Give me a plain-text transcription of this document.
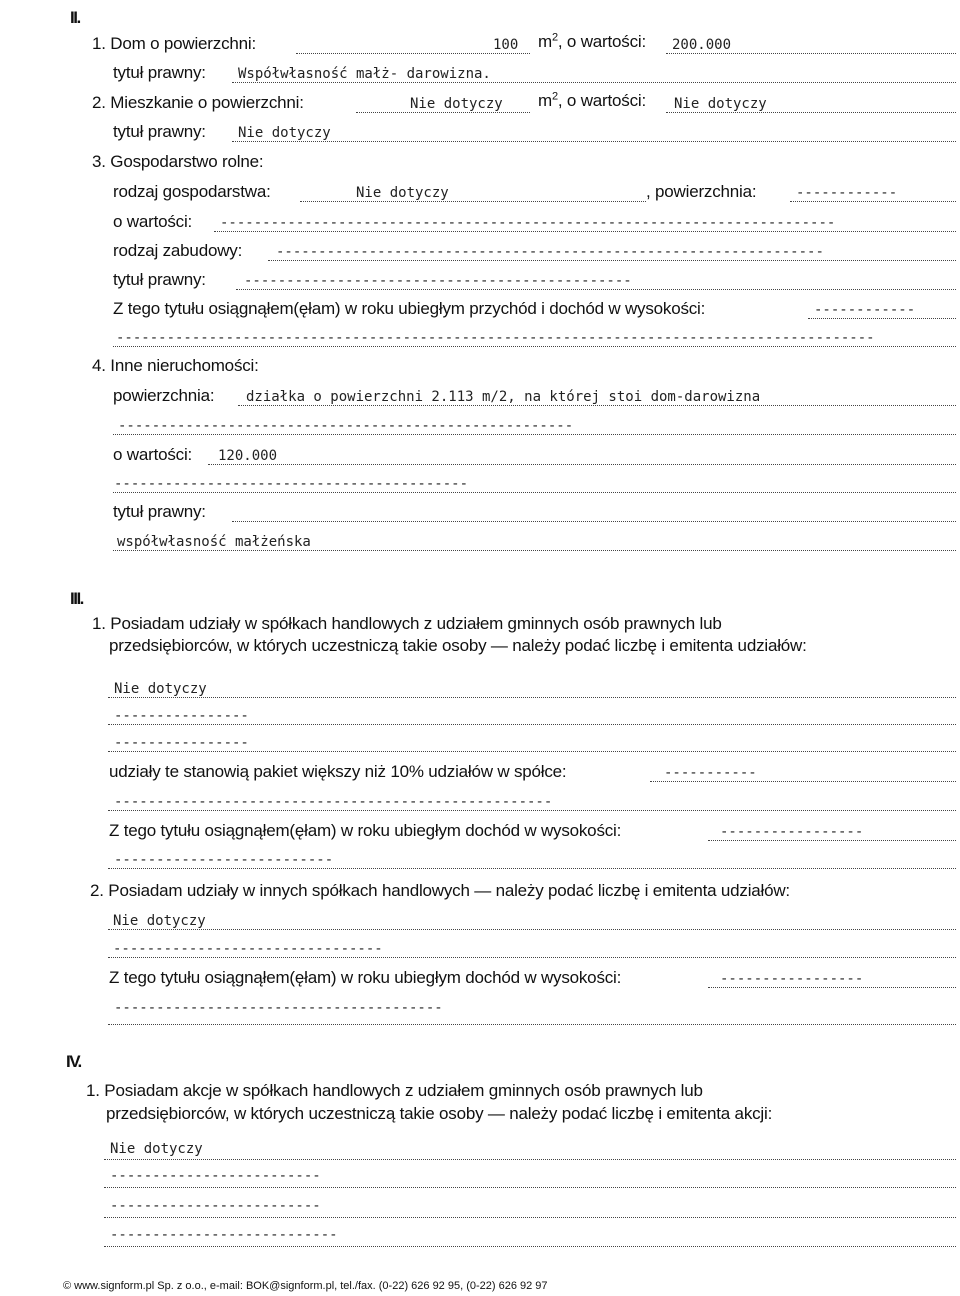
II.
1. Dom o powierzchni:	100 $m^2$, o wartości: 200.000
tytuł prawny: Współwłasność małż- darowizna.
2. Mieszkanie o powierzchni:	Nie dotyczy $m^2$, o wartości: Nie dotyczy
tytuł prawny: Nie dotyczy
3. Gospodarstwo rolne:
rodzaj gospodarstwa:	Nie dotyczy	, powierzchnia:	------------
o wartości: -------------------------------------------------------------------------
rodzaj zabudowy: -----------------------------------------------------------------
tytuł prawny:	----------------------------------------------
Z tego tytułu osiągnąłem(ęłam) w roku ubiegłym przychód i dochód w wysokości:	------------
------------------------------------------------------------------------------------------
4. Inne nieruchomości:
powierzchnia: działka o powierzchni 2.113 m/2, na której stoi dom-darowizna
------------------------------------------------------
o wartości: 120.000
------------------------------------------
tytuł prawny:
współwłasność małżeńska
III.
1. Posiadam udziały w spółkach handlowych z udziałem gminnych osób prawnych lub
przedsiębiorców, w których uczestniczą takie osoby — należy podać liczbę i emitenta udziałów:
Nie dotyczy
----------------
----------------
udziały te stanowią pakiet większy niż 10% udziałów w spółce:	-----------
----------------------------------------------------
Z tego tytułu osiągnąłem(ęłam) w roku ubiegłym dochód w wysokości:	-----------------
--------------------------
2. Posiadam udziały w innych spółkach handlowych — należy podać liczbę i emitenta udziałów:
Nie dotyczy
--------------------------------
Z tego tytułu osiągnąłem(ęłam) w roku ubiegłym dochód w wysokości:	-----------------
---------------------------------------
IV.
1. Posiadam akcje w spółkach handlowych z udziałem gminnych osób prawnych lub
przedsiębiorców, w których uczestniczą takie osoby — należy podać liczbę i emitenta akcji:
Nie dotyczy
-------------------------
-------------------------
---------------------------
© www.signform.pl Sp. z o.o., e-mail: BOK@signform.pl, tel./fax. (0-22) 626 92 95, (0-22) 626 92 97
